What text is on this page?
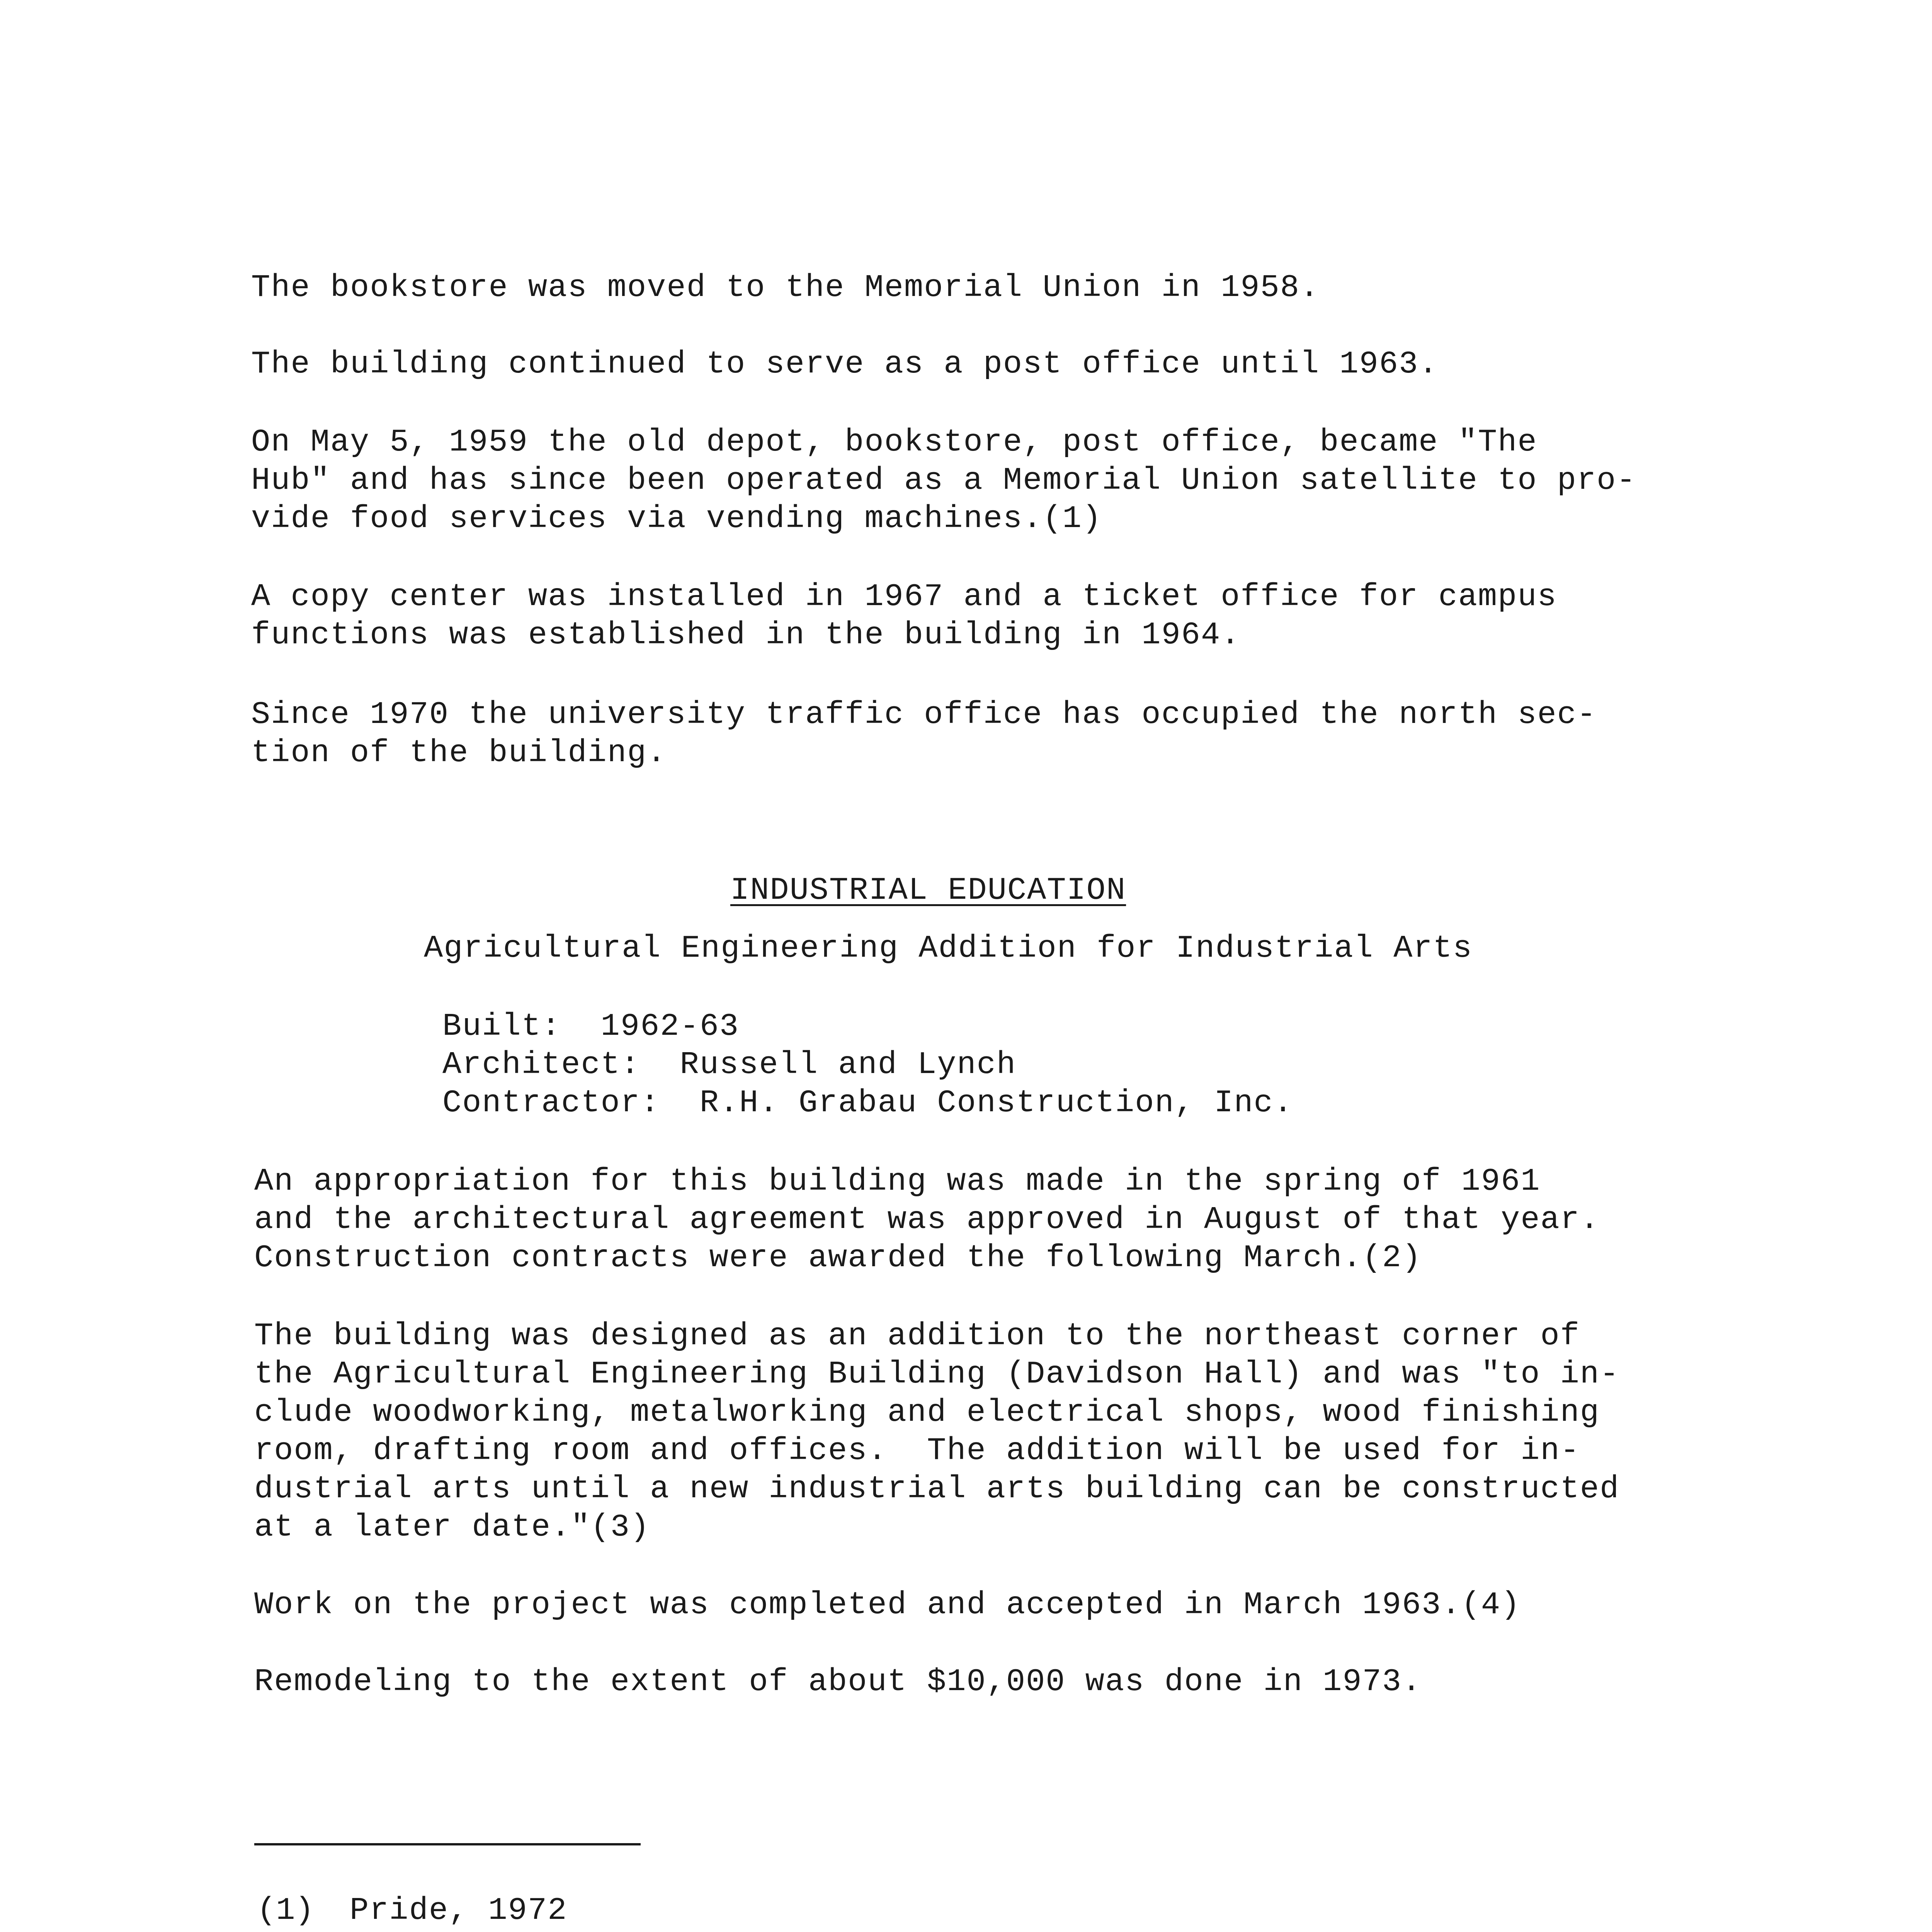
The bookstore was moved to the Memorial Union in 1958.
The building continued to serve as a post office until 1963.
On May 5, 1959 the old depot, bookstore, post office, became "The
Hub" and has since been operated as a Memorial Union satellite to pro-
vide food services via vending machines.(1)
A copy center was installed in 1967 and a ticket office for campus
functions was established in the building in 1964.
Since 1970 the university traffic office has occupied the north sec-
tion of the building.
INDUSTRIAL EDUCATION
Agricultural Engineering Addition for Industrial Arts
Built:  1962-63
Architect:  Russell and Lynch
Contractor:  R.H. Grabau Construction, Inc.
An appropriation for this building was made in the spring of 1961
and the architectural agreement was approved in August of that year.
Construction contracts were awarded the following March.(2)
The building was designed as an addition to the northeast corner of
the Agricultural Engineering Building (Davidson Hall) and was "to in-
clude woodworking, metalworking and electrical shops, wood finishing
room, drafting room and offices.  The addition will be used for in-
dustrial arts until a new industrial arts building can be constructed
at a later date."(3)
Work on the project was completed and accepted in March 1963.(4)
Remodeling to the extent of about $10,000 was done in 1973.
(1) Pride, 1972
